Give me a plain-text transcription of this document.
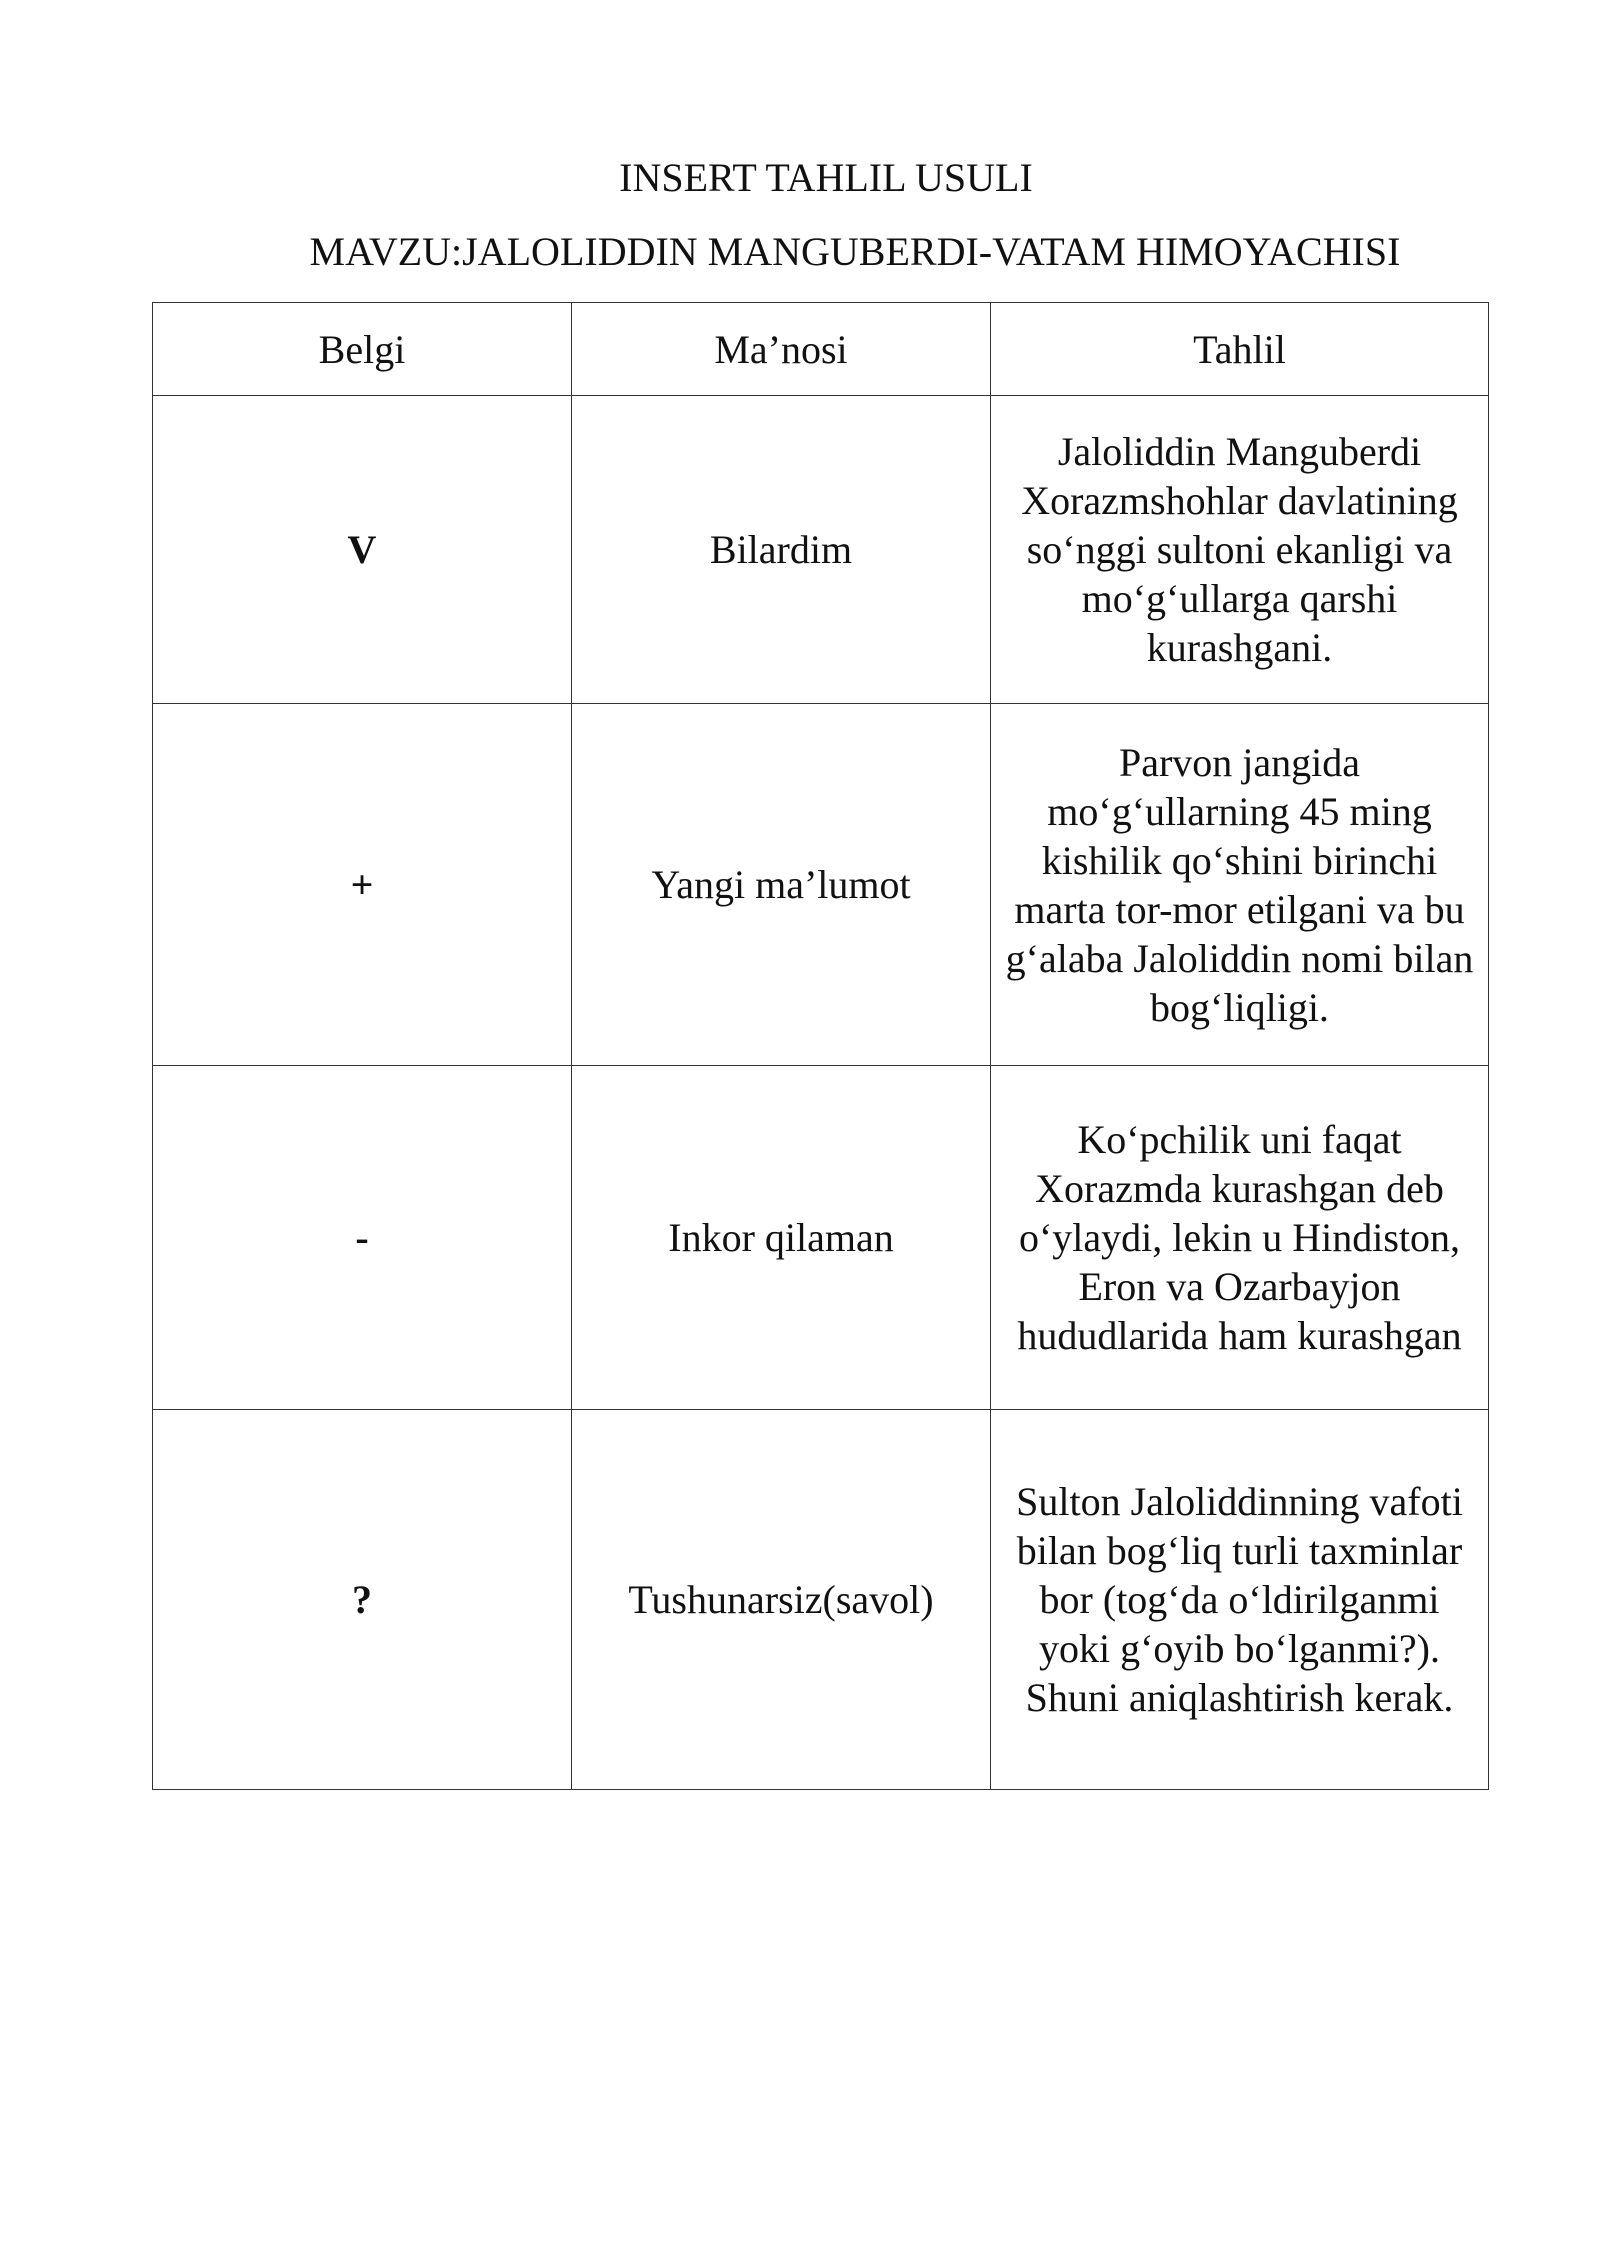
INSERT TAHLIL USULI
MAVZU:JALOLIDDIN MANGUBERDI-VATAM HIMOYACHISI
Belgi	Ma’nosi	Tahlil
V	Bilardim	Jaloliddin Manguberdi Xorazmshohlar davlatining so‘nggi sultoni ekanligi va mo‘g‘ullarga qarshi kurashgani.
+	Yangi ma’lumot	Parvon jangida mo‘g‘ullarning 45 ming kishilik qo‘shini birinchi marta tor-mor etilgani va bu g‘alaba Jaloliddin nomi bilan bog‘liqligi.
-	Inkor qilaman	Ko‘pchilik uni faqat Xorazmda kurashgan deb o‘ylaydi, lekin u Hindiston, Eron va Ozarbayjon hududlarida ham kurashgan
?	Tushunarsiz(savol)	Sulton Jaloliddinning vafoti bilan bog‘liq turli taxminlar bor (tog‘da o‘ldirilganmi yoki g‘oyib bo‘lganmi?). Shuni aniqlashtirish kerak.
